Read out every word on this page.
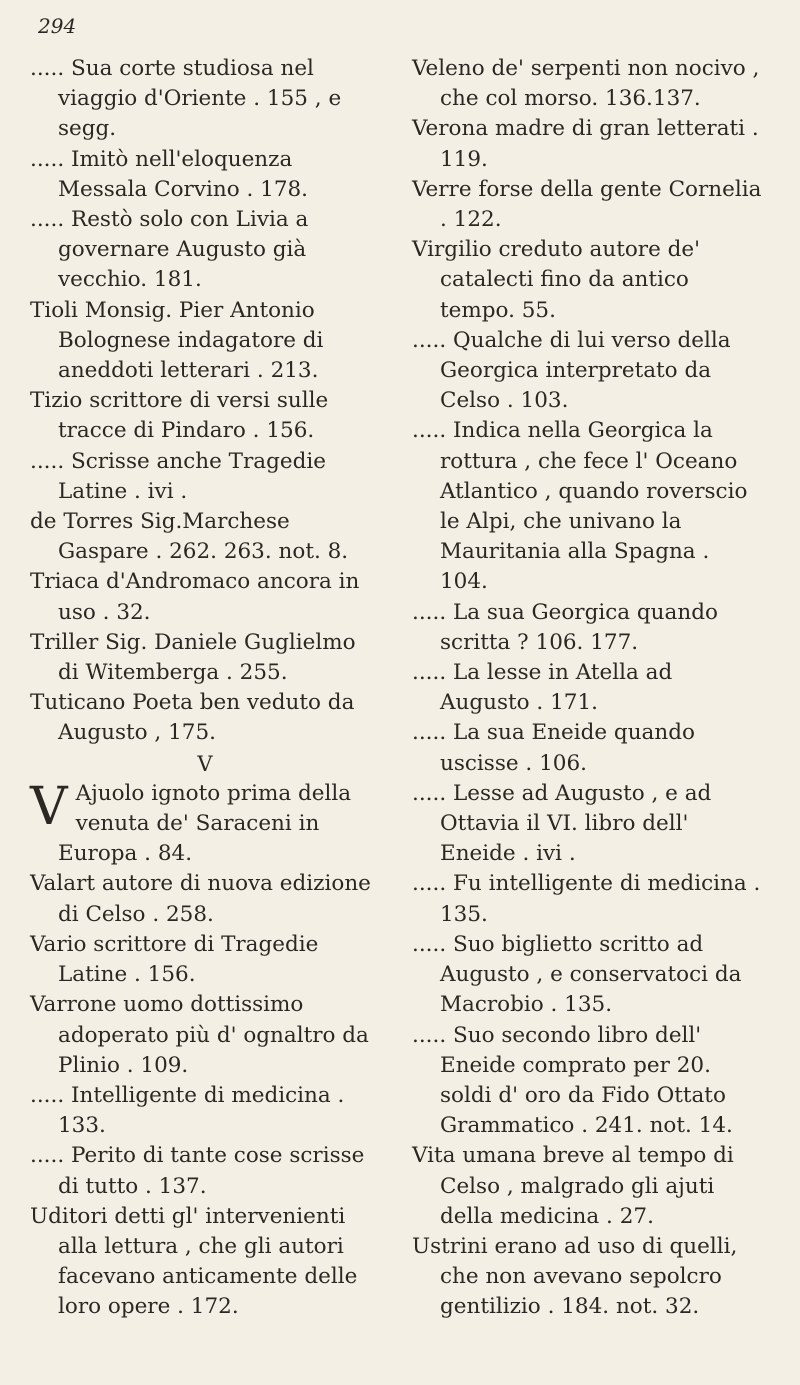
294

..... Sua corte studiosa nel viaggio d'Oriente . 155 , e segg.

..... Imitò nell'eloquenza Messala Corvino . 178.

..... Restò solo con Livia a governare Augusto già vecchio. 181.

Tioli Monsig. Pier Antonio Bolognese indagatore di aneddoti letterari . 213.

Tizio scrittore di versi sulle tracce di Pindaro . 156.

..... Scrisse anche Tragedie Latine . ivi .

de Torres Sig.Marchese Gaspare . 262. 263. not. 8.

Triaca d'Andromaco ancora in uso . 32.

Triller Sig. Daniele Guglielmo di Witemberga . 255.

Tuticano Poeta ben veduto da Augusto , 175.

V

V Ajuolo ignoto prima della venuta de' Saraceni in Europa . 84.

Valart autore di nuova edizione di Celso . 258.

Vario scrittore di Tragedie Latine . 156.

Varrone uomo dottissimo adoperato più d' ognaltro da Plinio . 109.

..... Intelligente di medicina . 133.

..... Perito di tante cose scrisse di tutto . 137.

Uditori detti gl' intervenienti alla lettura , che gli autori facevano anticamente delle loro opere . 172.

Veleno de' serpenti non nocivo , che col morso. 136.137.

Verona madre di gran letterati . 119.

Verre forse della gente Cornelia . 122.

Virgilio creduto autore de' catalecti fino da antico tempo. 55.

..... Qualche di lui verso della Georgica interpretato da Celso . 103.

..... Indica nella Georgica la rottura , che fece l' Oceano Atlantico , quando roverscio le Alpi, che univano la Mauritania alla Spagna . 104.

..... La sua Georgica quando scritta ? 106. 177.

..... La lesse in Atella ad Augusto . 171.

..... La sua Eneide quando uscisse . 106.

..... Lesse ad Augusto , e ad Ottavia il VI. libro dell' Eneide . ivi .

..... Fu intelligente di medicina . 135.

..... Suo biglietto scritto ad Augusto , e conservatoci da Macrobio . 135.

..... Suo secondo libro dell' Eneide comprato per 20. soldi d' oro da Fido Ottato Grammatico . 241. not. 14.

Vita umana breve al tempo di Celso , malgrado gli ajuti della medicina . 27.

Ustrini erano ad uso di quelli, che non avevano sepolcro gentilizio . 184. not. 32.
